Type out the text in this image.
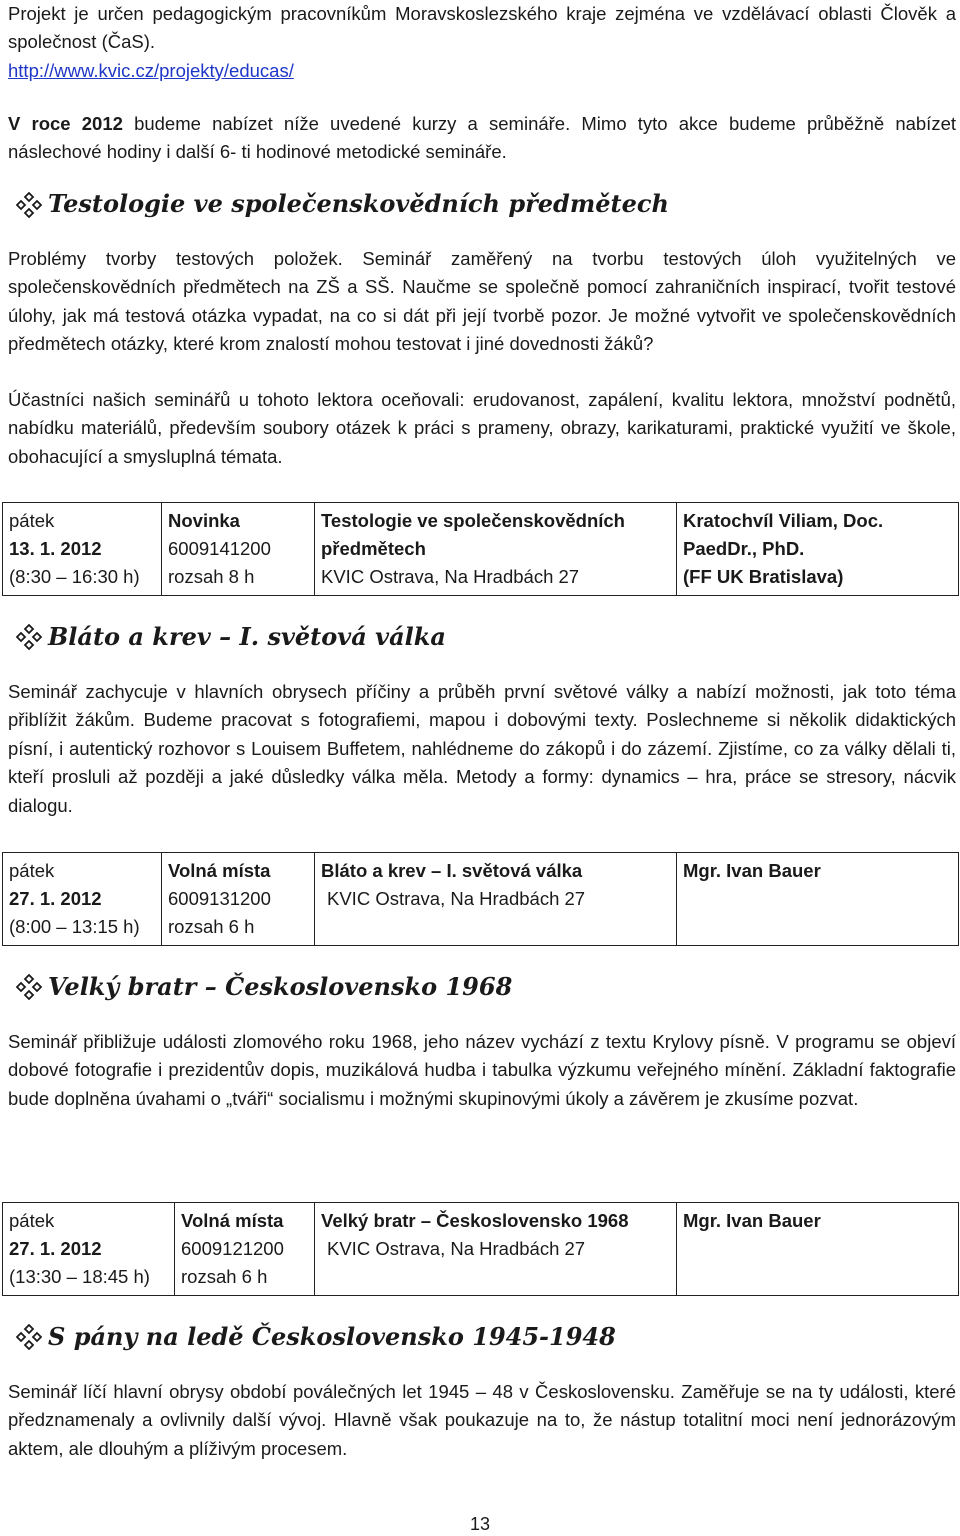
Projekt je určen pedagogickým pracovníkům Moravskoslezského kraje zejména ve vzdělávací oblasti Člověk a společnost (ČaS).
http://www.kvic.cz/projekty/educas/

V roce 2012 budeme nabízet níže uvedené kurzy a semináře. Mimo tyto akce budeme průběžně nabízet náslechové hodiny i další 6- ti hodinové metodické semináře.

Testologie ve společenskovědních předmětech

Problémy tvorby testových položek. Seminář zaměřený na tvorbu testových úloh využitelných ve společenskovědních předmětech na ZŠ a SŠ. Naučme se společně pomocí zahraničních inspirací, tvořit testové úlohy, jak má testová otázka vypadat, na co si dát při její tvorbě pozor. Je možné vytvořit ve společenskovědních předmětech otázky, které krom znalostí mohou testovat i jiné dovednosti žáků?

Účastníci našich seminářů u tohoto lektora oceňovali: erudovanost, zapálení, kvalitu lektora, množství podnětů, nabídku materiálů, především soubory otázek k práci s prameny, obrazy, karikaturami, praktické využití ve škole, obohacující a smysluplná témata.

pátek
13. 1. 2012
(8:30 – 16:30 h)

Novinka
6009141200
rozsah 8 h

Testologie ve společenskovědních
předmětech
KVIC Ostrava, Na Hradbách 27

Kratochvíl Viliam, Doc.
PaedDr., PhD.
(FF UK Bratislava)
Bláto a krev – I. světová válka

Seminář zachycuje v hlavních obrysech příčiny a průběh první světové války a nabízí možnosti, jak toto téma přiblížit žákům. Budeme pracovat s fotografiemi, mapou i dobovými texty. Poslechneme si několik didaktických písní, i autentický rozhovor s Louisem Buffetem, nahlédneme do zákopů i do zázemí. Zjistíme, co za války dělali ti, kteří prosluli až později a jaké důsledky válka měla. Metody a formy: dynamics – hra, práce se stresory, nácvik dialogu.

pátek
27. 1. 2012
(8:00 – 13:15 h)

Volná místa
6009131200
rozsah 6 h

Bláto a krev – I. světová válka
KVIC Ostrava, Na Hradbách 27

Mgr. Ivan Bauer
Velký bratr – Československo 1968

Seminář přibližuje události zlomového roku 1968, jeho název vychází z textu Krylovy písně. V programu se objeví dobové fotografie i prezidentův dopis, muzikálová hudba i tabulka výzkumu veřejného mínění. Základní faktografie bude doplněna úvahami o „tváři“ socialismu i možnými skupinovými úkoly a závěrem je zkusíme pozvat.

pátek
27. 1. 2012
(13:30 – 18:45 h)

Volná místa
6009121200
rozsah 6 h

Velký bratr – Československo 1968
KVIC Ostrava, Na Hradbách 27

Mgr. Ivan Bauer
S pány na ledě Československo 1945-1948

Seminář líčí hlavní obrysy období poválečných let 1945 – 48 v Československu. Zaměřuje se na ty události, které předznamenaly a ovlivnily další vývoj. Hlavně však poukazuje na to, že nástup totalitní moci není jednorázovým aktem, ale dlouhým a plíživým procesem.

13
